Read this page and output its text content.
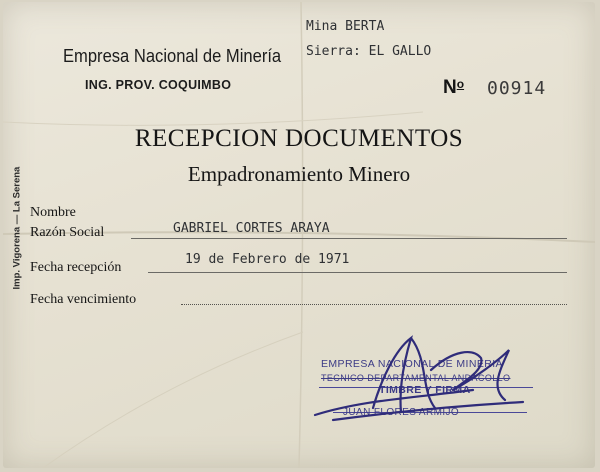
Empresa Nacional de Minería
ING. PROV. COQUIMBO
Mina BERTA
Sierra: EL GALLO
$N^o$ 00914
RECEPCION DOCUMENTOS
Empadronamiento Minero
Imp. Vigorena — La Serena Nombre
Razón Social	GABRIEL CORTES ARAYA
Fecha recepción
19 de Febrero de 1971
Fecha vencimiento
EMPRESA NACIONAL DE MINERIA
TECNICO DEPARTAMENTAL ANDACOLLO
TIMBRE Y FIRMA
JUAN FLORES ARMIJO
